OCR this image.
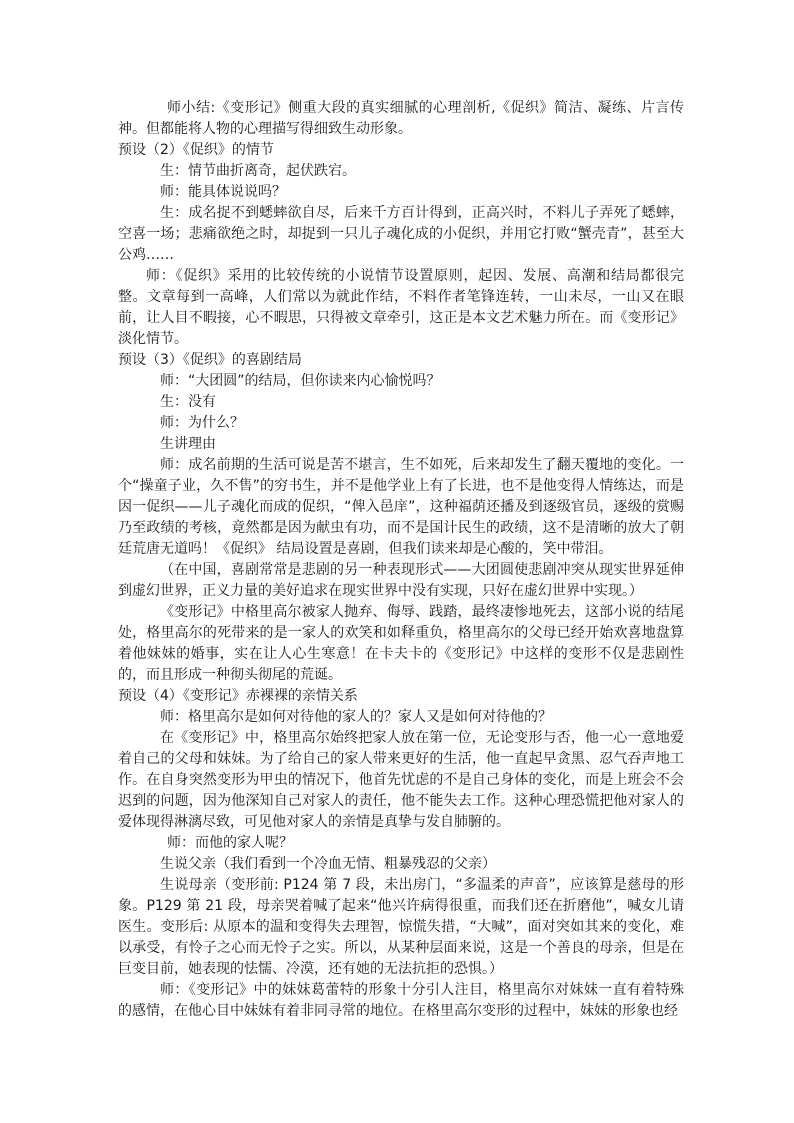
师小结:《变形记》侧重大段的真实细腻的心理剖析,《促织》简洁、凝练、片言传神。但都能将人物的心理描写得细致生动形象。

预设（2）《促织》的情节

生：情节曲折离奇，起伏跌宕。

师：能具体说说吗？

生：成名捉不到蟋蟀欲自尽，后来千方百计得到，正高兴时，不料儿子弄死了蟋蟀，空喜一场；悲痛欲绝之时，却捉到一只儿子魂化成的小促织，并用它打败“蟹壳青”，甚至大公鸡……

师：《促织》采用的比较传统的小说情节设置原则，起因、发展、高潮和结局都很完整。文章每到一高峰，人们常以为就此作结，不料作者笔锋连转，一山未尽，一山又在眼前，让人目不暇接，心不暇思，只得被文章牵引，这正是本文艺术魅力所在。而《变形记》淡化情节。

预设（3）《促织》的喜剧结局

师：“大团圆”的结局，但你读来内心愉悦吗？

生：没有

师：为什么？

生讲理由

师：成名前期的生活可说是苦不堪言，生不如死，后来却发生了翻天覆地的变化。一个“操童子业，久不售”的穷书生，并不是他学业上有了长进，也不是他变得人情练达，而是因一促织——儿子魂化而成的促织，“俾入邑庠”，这种福荫还播及到逐级官员，逐级的赏赐乃至政绩的考核，竟然都是因为献虫有功，而不是国计民生的政绩，这不是清晰的放大了朝廷荒唐无道吗！《促织》 结局设置是喜剧，但我们读来却是心酸的，笑中带泪。

（在中国，喜剧常常是悲剧的另一种表现形式——大团圆使悲剧冲突从现实世界延伸到虚幻世界，正义力量的美好追求在现实世界中没有实现，只好在虚幻世界中实现。）

《变形记》中格里高尔被家人抛弃、侮辱、践踏，最终凄惨地死去，这部小说的结尾处，格里高尔的死带来的是一家人的欢笑和如释重负，格里高尔的父母已经开始欢喜地盘算着他妹妹的婚事，实在让人心生寒意！在卡夫卡的《变形记》中这样的变形不仅是悲剧性的，而且形成一种彻头彻尾的荒诞。

预设（4）《变形记》赤裸裸的亲情关系

师：格里高尔是如何对待他的家人的？家人又是如何对待他的？

在《变形记》中，格里高尔始终把家人放在第一位，无论变形与否，他一心一意地爱着自己的父母和妹妹。为了给自己的家人带来更好的生活，他一直起早贪黑、忍气吞声地工作。在自身突然变形为甲虫的情况下，他首先忧虑的不是自己身体的变化，而是上班会不会迟到的问题，因为他深知自己对家人的责任，他不能失去工作。这种心理恐慌把他对家人的爱体现得淋漓尽致，可见他对家人的亲情是真挚与发自肺腑的。

师：而他的家人呢？

生说父亲（我们看到一个冷血无情、粗暴残忍的父亲）

生说母亲（变形前: P124 第 7 段，未出房门，“多温柔的声音”，应该算是慈母的形象。P129 第 21 段，母亲哭着喊了起来“他兴许病得很重，而我们还在折磨他”，喊女儿请医生。变形后: 从原本的温和变得失去理智，惊慌失措，“大喊”，面对突如其来的变化，难以承受，有怜子之心而无怜子之实。所以，从某种层面来说，这是一个善良的母亲，但是在巨变目前，她表现的怯懦、冷漠，还有她的无法抗拒的恐惧。）

师：《变形记》中的妹妹葛蕾特的形象十分引人注目，格里高尔对妹妹一直有着特殊的感情，在他心目中妹妹有着非同寻常的地位。在格里高尔变形的过程中，妹妹的形象也经
